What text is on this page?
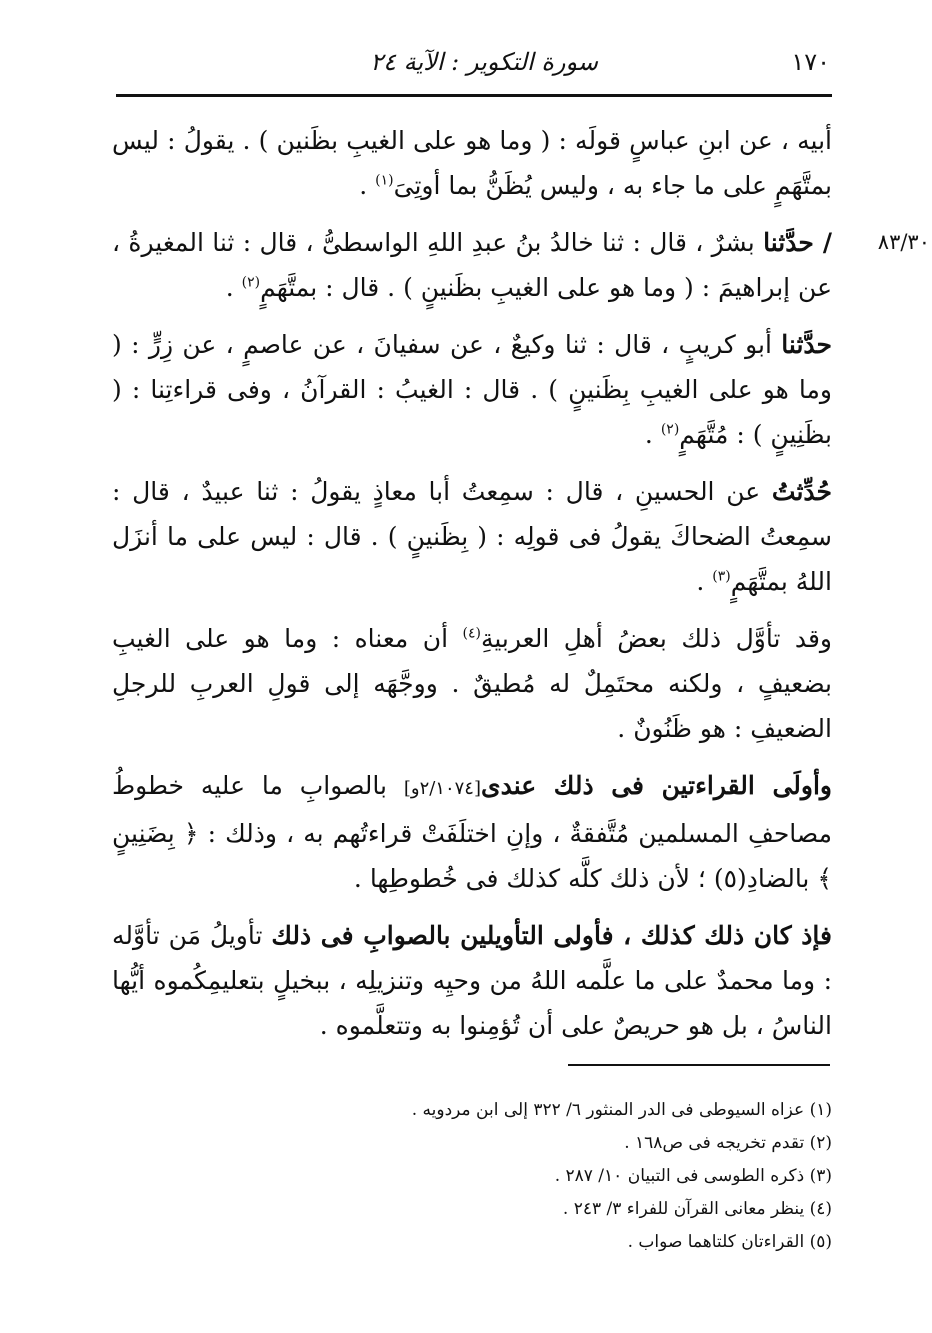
١٧٠
سورة التكوير : الآية ٢٤

أبيه ، عن ابنِ عباسٍ قولَه : ( وما هو على الغيبِ بظَنين ) . يقولُ : ليس بمتَّهَمٍ على ما جاء به ، وليس يُظَنُّ بما أوتِىَ$^{(١)}$ .

٨٣/٣٠
/ حدَّثنا بشرٌ ، قال : ثنا خالدُ بنُ عبدِ اللهِ الواسطىُّ ، قال : ثنا المغيرةُ ، عن إبراهيمَ : ( وما هو على الغيبِ بظَنينٍ ) . قال : بمتَّهَمٍ$^{(٢)}$ .

حدَّثنا أبو كريبٍ ، قال : ثنا وكيعٌ ، عن سفيانَ ، عن عاصمٍ ، عن زِرٍّ : ( وما هو على الغيبِ بِظَنينٍ ) . قال : الغيبُ : القرآنُ ، وفى قراءتِنا : ( بظَنِينٍ ) : مُتَّهَمٍ$^{(٢)}$ .

حُدِّثتُ عن الحسينِ ، قال : سمِعتُ أبا معاذٍ يقولُ : ثنا عبيدٌ ، قال : سمِعتُ الضحاكَ يقولُ فى قولِه : ( بِظَنينٍ ) . قال : ليس على ما أنزَل اللهُ بمتَّهَمٍ$^{(٣)}$ .

وقد تأوَّل ذلك بعضُ أهلِ العربيةِ$^{(٤)}$ أن معناه : وما هو على الغيبِ بضعيفٍ ، ولكنه محتَمِلٌ له مُطيقٌ . ووجَّهَه إلى قولِ العربِ للرجلِ الضعيفِ : هو ظَنُونٌ .

وأولَى القراءتين فى ذلك عندى[٢/١٠٧٤و] بالصوابِ ما عليه خطوطُ مصاحفِ المسلمين مُتَّفقةٌ ، وإنِ اختلَفَتْ قراءتُهم به ، وذلك : ﴿ بِضَنِينٍ ﴾ بالضادِ(٥) ؛ لأن ذلك كلَّه كذلك فى خُطوطِها .

فإذ كان ذلك كذلك ، فأولى التأويلين بالصوابِ فى ذلك تأويلُ مَن تأوَّله : وما محمدٌ على ما علَّمه اللهُ من وحيِه وتنزيلِه ، ببخيلٍ بتعليمِكُموه أيُّها الناسُ ، بل هو حريصٌ على أن تُؤمِنوا به وتتعلَّموه .

(١) عزاه السيوطى فى الدر المنثور ٦/ ٣٢٢ إلى ابن مردويه .

(٢) تقدم تخريجه فى ص١٦٨ .

(٣) ذكره الطوسى فى التبيان ١٠/ ٢٨٧ .

(٤) ينظر معانى القرآن للفراء ٣/ ٢٤٣ .

(٥) القراءتان كلتاهما صواب .
